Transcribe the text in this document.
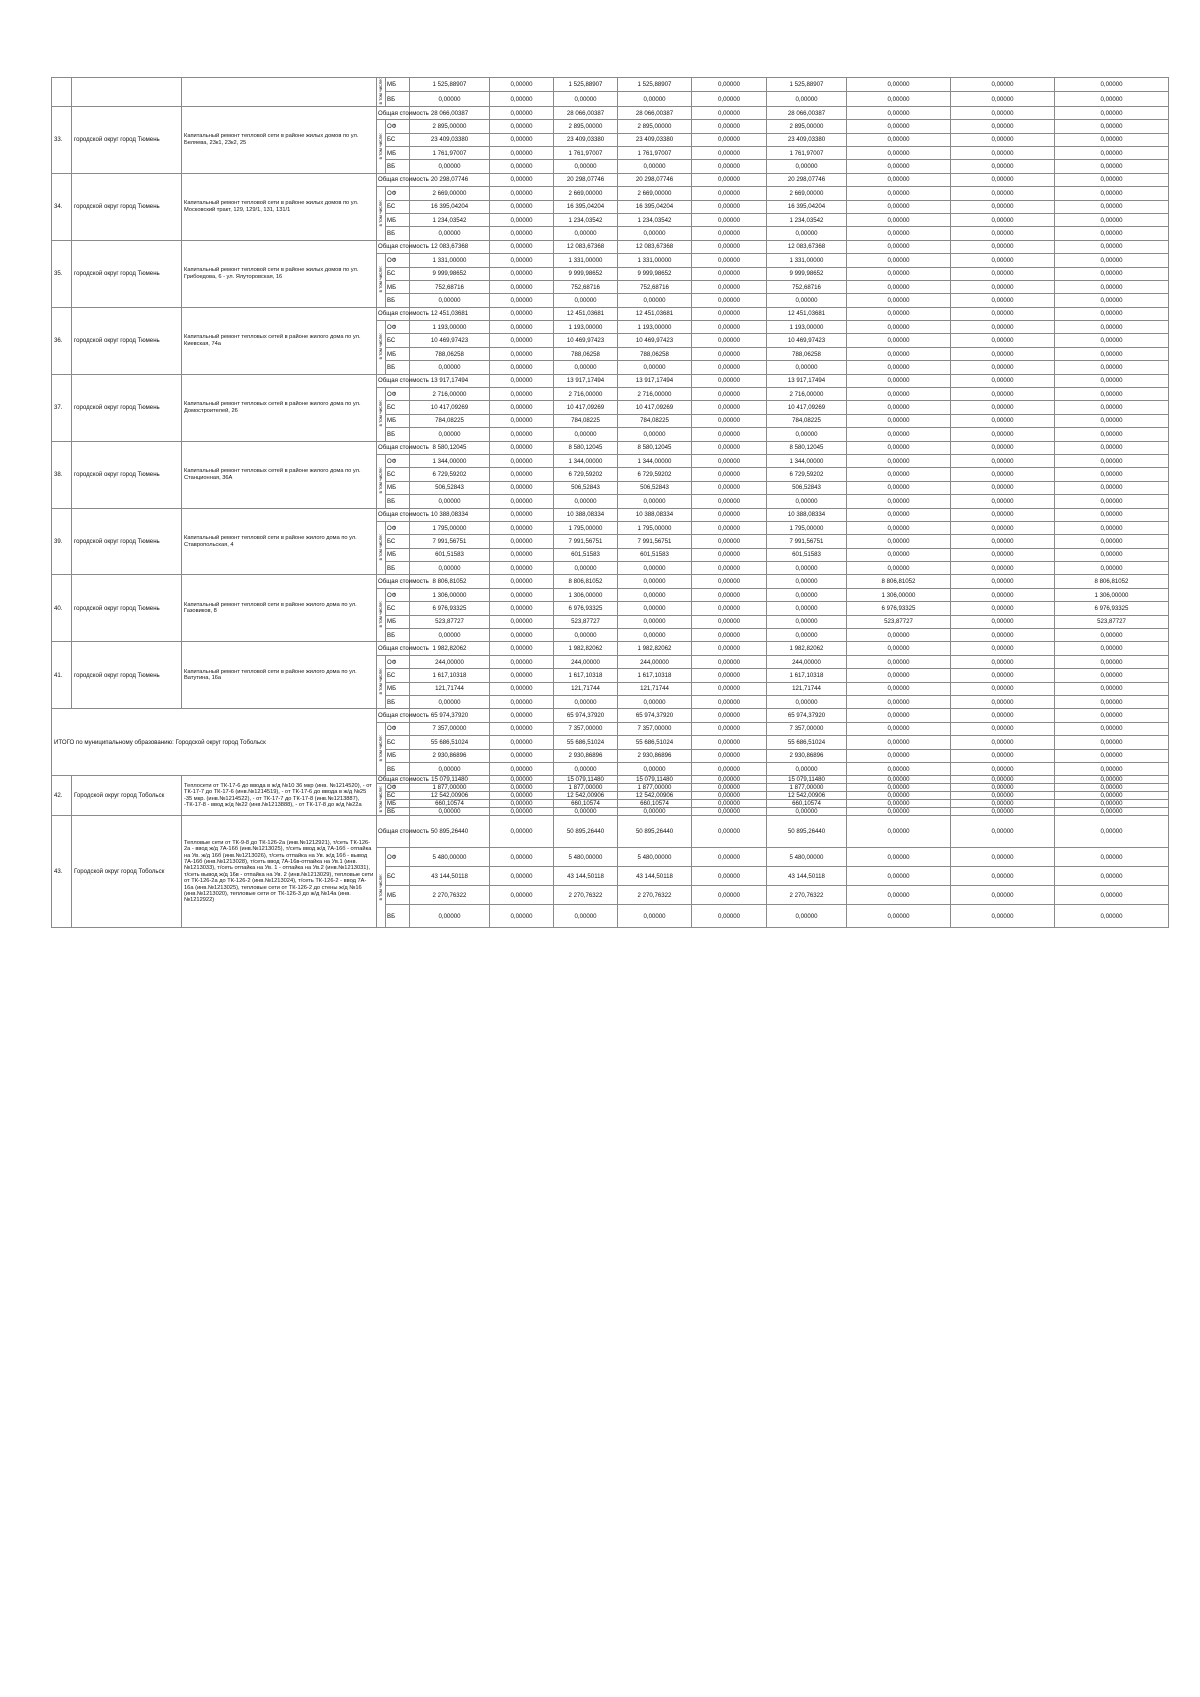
			в том числе:	МБ	1 525,88907	0,00000	1 525,88907	1 525,88907	0,00000	1 525,88907	0,00000	0,00000	0,00000
				ВБ	0,00000	0,00000	0,00000	0,00000	0,00000	0,00000	0,00000	0,00000	0,00000
33.	городской округ город Тюмень	Капитальный ремонт тепловой сети в районе жилых домов по ул. Беляева, 23к1, 23к2, 25	Общая стоимость		28 066,00387	0,00000	28 066,00387	28 066,00387	0,00000	28 066,00387	0,00000	0,00000	0,00000
			в том числе:	ОФ	2 895,00000	0,00000	2 895,00000	2 895,00000	0,00000	2 895,00000	0,00000	0,00000	0,00000
				БС	23 409,03380	0,00000	23 409,03380	23 409,03380	0,00000	23 409,03380	0,00000	0,00000	0,00000
				МБ	1 761,97007	0,00000	1 761,97007	1 761,97007	0,00000	1 761,97007	0,00000	0,00000	0,00000
				ВБ	0,00000	0,00000	0,00000	0,00000	0,00000	0,00000	0,00000	0,00000	0,00000
34.	городской округ город Тюмень	Капитальный ремонт тепловой сети в районе жилых домов по ул. Московский тракт, 129, 129/1, 131, 131/1	Общая стоимость		20 298,07746	0,00000	20 298,07746	20 298,07746	0,00000	20 298,07746	0,00000	0,00000	0,00000
			в том числе:	ОФ	2 669,00000	0,00000	2 669,00000	2 669,00000	0,00000	2 669,00000	0,00000	0,00000	0,00000
				БС	16 395,04204	0,00000	16 395,04204	16 395,04204	0,00000	16 395,04204	0,00000	0,00000	0,00000
				МБ	1 234,03542	0,00000	1 234,03542	1 234,03542	0,00000	1 234,03542	0,00000	0,00000	0,00000
				ВБ	0,00000	0,00000	0,00000	0,00000	0,00000	0,00000	0,00000	0,00000	0,00000
35.	городской округ город Тюмень	Капитальный ремонт тепловой сети в районе жилых домов по ул. Грибоедова, 6 - ул. Ялуторовская, 16	Общая стоимость		12 083,67368	0,00000	12 083,67368	12 083,67368	0,00000	12 083,67368	0,00000	0,00000	0,00000
			в том числе:	ОФ	1 331,00000	0,00000	1 331,00000	1 331,00000	0,00000	1 331,00000	0,00000	0,00000	0,00000
				БС	9 999,98652	0,00000	9 999,98652	9 999,98652	0,00000	9 999,98652	0,00000	0,00000	0,00000
				МБ	752,68716	0,00000	752,68716	752,68716	0,00000	752,68716	0,00000	0,00000	0,00000
				ВБ	0,00000	0,00000	0,00000	0,00000	0,00000	0,00000	0,00000	0,00000	0,00000
36.	городской округ город Тюмень	Капитальный ремонт тепловых сетей в районе жилого дома по ул. Киевская, 74а	Общая стоимость		12 451,03681	0,00000	12 451,03681	12 451,03681	0,00000	12 451,03681	0,00000	0,00000	0,00000
			в том числе:	ОФ	1 193,00000	0,00000	1 193,00000	1 193,00000	0,00000	1 193,00000	0,00000	0,00000	0,00000
				БС	10 469,97423	0,00000	10 469,97423	10 469,97423	0,00000	10 469,97423	0,00000	0,00000	0,00000
				МБ	788,06258	0,00000	788,06258	788,06258	0,00000	788,06258	0,00000	0,00000	0,00000
				ВБ	0,00000	0,00000	0,00000	0,00000	0,00000	0,00000	0,00000	0,00000	0,00000
37.	городской округ город Тюмень	Капитальный ремонт тепловых сетей в районе жилого дома по ул. Домостроителей, 26	Общая стоимость		13 917,17494	0,00000	13 917,17494	13 917,17494	0,00000	13 917,17494	0,00000	0,00000	0,00000
			в том числе:	ОФ	2 716,00000	0,00000	2 716,00000	2 716,00000	0,00000	2 716,00000	0,00000	0,00000	0,00000
				БС	10 417,09269	0,00000	10 417,09269	10 417,09269	0,00000	10 417,09269	0,00000	0,00000	0,00000
				МБ	784,08225	0,00000	784,08225	784,08225	0,00000	784,08225	0,00000	0,00000	0,00000
				ВБ	0,00000	0,00000	0,00000	0,00000	0,00000	0,00000	0,00000	0,00000	0,00000
38.	городской округ город Тюмень	Капитальный ремонт тепловых сетей в районе жилого дома по ул. Станционная, 36А	Общая стоимость		8 580,12045	0,00000	8 580,12045	8 580,12045	0,00000	8 580,12045	0,00000	0,00000	0,00000
			в том числе:	ОФ	1 344,00000	0,00000	1 344,00000	1 344,00000	0,00000	1 344,00000	0,00000	0,00000	0,00000
				БС	6 729,59202	0,00000	6 729,59202	6 729,59202	0,00000	6 729,59202	0,00000	0,00000	0,00000
				МБ	506,52843	0,00000	506,52843	506,52843	0,00000	506,52843	0,00000	0,00000	0,00000
				ВБ	0,00000	0,00000	0,00000	0,00000	0,00000	0,00000	0,00000	0,00000	0,00000
39.	городской округ город Тюмень	Капитальный ремонт тепловой сети в районе жилого дома по ул. Ставропольская, 4	Общая стоимость		10 388,08334	0,00000	10 388,08334	10 388,08334	0,00000	10 388,08334	0,00000	0,00000	0,00000
			в том числе:	ОФ	1 795,00000	0,00000	1 795,00000	1 795,00000	0,00000	1 795,00000	0,00000	0,00000	0,00000
				БС	7 991,56751	0,00000	7 991,56751	7 991,56751	0,00000	7 991,56751	0,00000	0,00000	0,00000
				МБ	601,51583	0,00000	601,51583	601,51583	0,00000	601,51583	0,00000	0,00000	0,00000
				ВБ	0,00000	0,00000	0,00000	0,00000	0,00000	0,00000	0,00000	0,00000	0,00000
40.	городской округ город Тюмень	Капитальный ремонт тепловой сети в районе жилого дома по ул. Газовиков, 8	Общая стоимость		8 806,81052	0,00000	8 806,81052	0,00000	0,00000	0,00000	8 806,81052	0,00000	8 806,81052
			в том числе:	ОФ	1 306,00000	0,00000	1 306,00000	0,00000	0,00000	0,00000	1 306,00000	0,00000	1 306,00000
				БС	6 976,93325	0,00000	6 976,93325	0,00000	0,00000	0,00000	6 976,93325	0,00000	6 976,93325
				МБ	523,87727	0,00000	523,87727	0,00000	0,00000	0,00000	523,87727	0,00000	523,87727
				ВБ	0,00000	0,00000	0,00000	0,00000	0,00000	0,00000	0,00000	0,00000	0,00000
41.	городской округ город Тюмень	Капитальный ремонт тепловой сети в районе жилого дома по ул. Ватутина, 16а	Общая стоимость		1 982,82062	0,00000	1 982,82062	1 982,82062	0,00000	1 982,82062	0,00000	0,00000	0,00000
			в том числе:	ОФ	244,00000	0,00000	244,00000	244,00000	0,00000	244,00000	0,00000	0,00000	0,00000
				БС	1 617,10318	0,00000	1 617,10318	1 617,10318	0,00000	1 617,10318	0,00000	0,00000	0,00000
				МБ	121,71744	0,00000	121,71744	121,71744	0,00000	121,71744	0,00000	0,00000	0,00000
				ВБ	0,00000	0,00000	0,00000	0,00000	0,00000	0,00000	0,00000	0,00000	0,00000
ИТОГО по муниципальному образованию: Городской округ город Тобольск			Общая стоимость		65 974,37920	0,00000	65 974,37920	65 974,37920	0,00000	65 974,37920	0,00000	0,00000	0,00000
			в том числе:	ОФ	7 357,00000	0,00000	7 357,00000	7 357,00000	0,00000	7 357,00000	0,00000	0,00000	0,00000
				БС	55 686,51024	0,00000	55 686,51024	55 686,51024	0,00000	55 686,51024	0,00000	0,00000	0,00000
				МБ	2 930,86896	0,00000	2 930,86896	2 930,86896	0,00000	2 930,86896	0,00000	0,00000	0,00000
				ВБ	0,00000	0,00000	0,00000	0,00000	0,00000	0,00000	0,00000	0,00000	0,00000
42.	Городской округ город Тобольск	Теплосети от ТК-17-6 до ввода в ж/д №10 36 мкр (инв. №1214520), - от ТК-17-7 до ТК-17-6 (инв.№1214519), - от ТК-17-6 до ввода в ж/д №25 -35 мкр. (инв.№1214522), - от ТК-17-7 до ТК-17-8 (инв.№1213887), -ТК-17-8 - ввод ж/д №22 (инв.№1213888), - от ТК-17-8 до ж/д №22а	Общая стоимость		15 079,11480	0,00000	15 079,11480	15 079,11480	0,00000	15 079,11480	0,00000	0,00000	0,00000
			в том числе:	ОФ	1 877,00000	0,00000	1 877,00000	1 877,00000	0,00000	1 877,00000	0,00000	0,00000	0,00000
				БС	12 542,00906	0,00000	12 542,00906	12 542,00906	0,00000	12 542,00906	0,00000	0,00000	0,00000
				МБ	660,10574	0,00000	660,10574	660,10574	0,00000	660,10574	0,00000	0,00000	0,00000
				ВБ	0,00000	0,00000	0,00000	0,00000	0,00000	0,00000	0,00000	0,00000	0,00000
43.	Городской округ город Тобольск	Тепловые сети от ТК-9-8 до ТК-126-2а (инв.№1212921), т/сеть ТК-126-2а - ввод ж/д 7А-16б (инв.№1213025), т/сеть ввод ж/д 7А-16б - отпайка на Ув. ж/д 16б (инв.№1213026), т/сеть отпайка на Ув. ж/д 16б - вывод 7А-16б (инв.№1213028), т/сеть ввод 7А-16в-отпайка на Ув.1 (инв.№1213033), т/сеть отпайка на Ув. 1 - отпайка на Ув.2 (инв.№1213031), т/сеть вывод ж/д 16в - отпайка на Ув. 2 (инв.№1213029), тепловые сети от ТК-126-2а до ТК-126-2 (инв.№1213024), т/сеть ТК-126-2 - ввод 7А- 16а (инв.№1213025), тепловые сети от ТК-126-2 до стены ж/д №16 (инв.№1213020), тепловые сети от ТК-126-3 до ж/д №14а (инв.№1212922)	Общая стоимость		50 895,26440	0,00000	50 895,26440	50 895,26440	0,00000	50 895,26440	0,00000	0,00000	0,00000
			в том числе:	ОФ	5 480,00000	0,00000	5 480,00000	5 480,00000	0,00000	5 480,00000	0,00000	0,00000	0,00000
				БС	43 144,50118	0,00000	43 144,50118	43 144,50118	0,00000	43 144,50118	0,00000	0,00000	0,00000
				МБ	2 270,76322	0,00000	2 270,76322	2 270,76322	0,00000	2 270,76322	0,00000	0,00000	0,00000
				ВБ	0,00000	0,00000	0,00000	0,00000	0,00000	0,00000	0,00000	0,00000	0,00000
